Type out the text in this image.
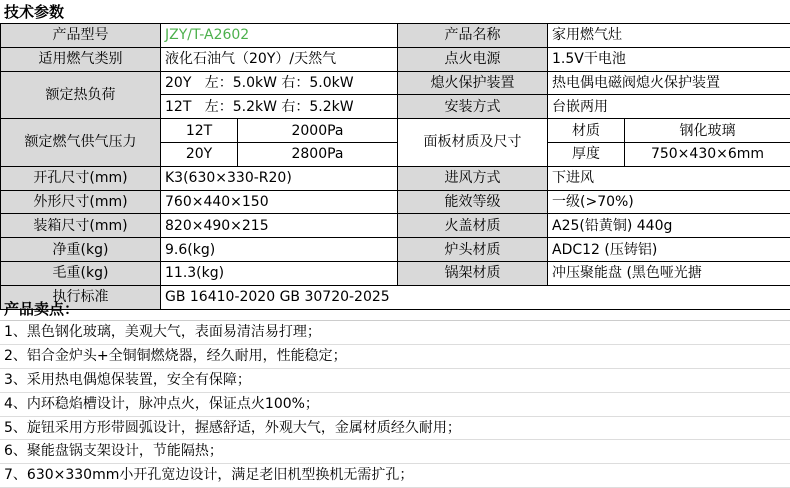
技术参数
产品型号	JZY/T-A2602		产品名称	家用燃气灶	
适用燃气类别	液化石油气（20Y）/天然气		点火电源	1.5V干电池	
额定热负荷	20Y   左：5.0kW 右：5.0kW		熄火保护装置	热电偶电磁阀熄火保护装置	
	12T   左：5.2kW 右：5.2kW		安装方式	台嵌两用	
额定燃气供气压力	12T	2000Pa	面板材质及尺寸	材质	钢化玻璃
	20Y	2800Pa		厚度	750×430×6mm
开孔尺寸(mm)	K3(630×330-R20)		进风方式	下进风	
外形尺寸(mm)	760×440×150		能效等级	一级(>70%)	
装箱尺寸(mm)	820×490×215		火盖材质	A25(铅黄铜) 440g	
净重(kg)	9.6(kg)		炉头材质	ADC12 (压铸铝)	
毛重(kg)	11.3(kg)		锅架材质	冲压聚能盘 (黑色哑光搪	
执行标准	GB 16410-2020 GB 30720-2025				
产品卖点：
1、黑色钢化玻璃，美观大气，表面易清洁易打理；
2、铝合金炉头+全铜铜燃烧器，经久耐用，性能稳定；
3、采用热电偶熄保装置，安全有保障；
4、内环稳焰槽设计，脉冲点火，保证点火100%；
5、旋钮采用方形带圆弧设计，握感舒适，外观大气，金属材质经久耐用；
6、聚能盘锅支架设计，节能隔热；
7、630×330mm小开孔宽边设计，满足老旧机型换机无需扩孔；
